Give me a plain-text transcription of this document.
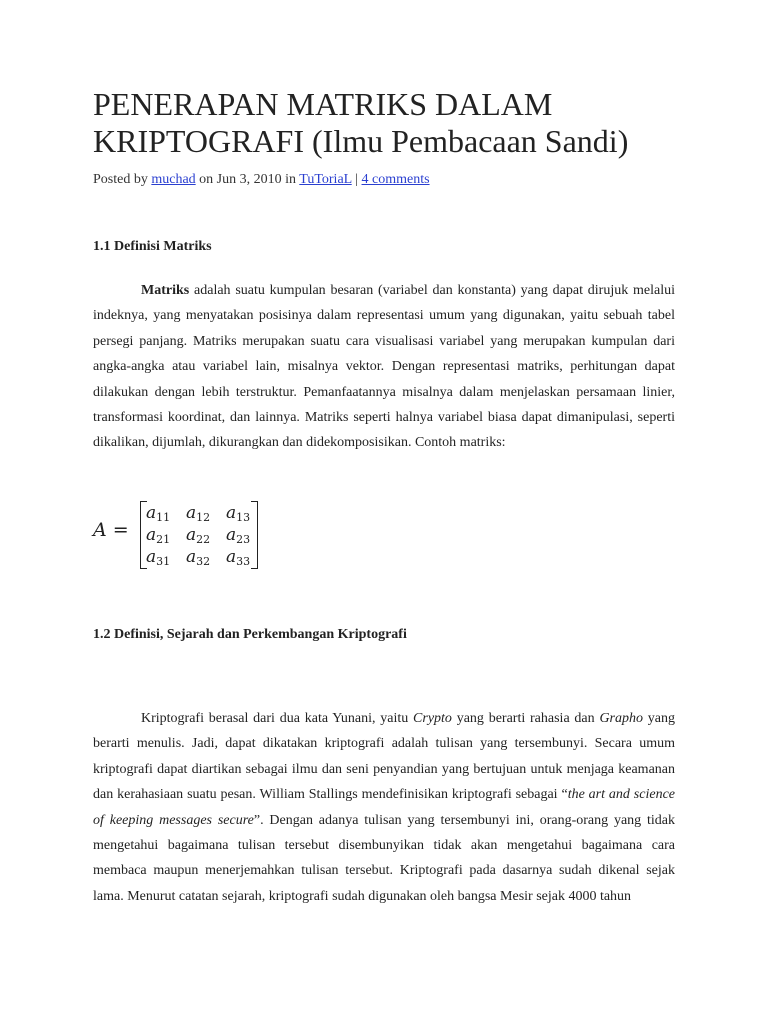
PENERAPAN MATRIKS DALAM
KRIPTOGRAFI (Ilmu Pembacaan Sandi)
Posted by muchad on Jun 3, 2010 in TuToriaL | 4 comments
1.1 Definisi Matriks

Matriks adalah suatu kumpulan besaran (variabel dan konstanta) yang dapat dirujuk melalui indeknya, yang menyatakan posisinya dalam representasi umum yang digunakan, yaitu sebuah tabel persegi panjang. Matriks merupakan suatu cara visualisasi variabel yang merupakan kumpulan dari angka-angka atau variabel lain, misalnya vektor. Dengan representasi matriks, perhitungan dapat dilakukan dengan lebih terstruktur. Pemanfaatannya misalnya dalam menjelaskan persamaan linier, transformasi koordinat, dan lainnya. Matriks seperti halnya variabel biasa dapat dimanipulasi, seperti dikalikan, dijumlah, dikurangkan dan didekomposisikan. Contoh matriks:

A =
$a_{11}$ $a_{12}$ $a_{13}$
$a_{21}$ $a_{22}$ $a_{23}$
$a_{31}$ $a_{32}$ $a_{33}$
1.2 Definisi, Sejarah dan Perkembangan Kriptografi

Kriptografi berasal dari dua kata Yunani, yaitu Crypto yang berarti rahasia dan Grapho yang berarti menulis. Jadi, dapat dikatakan kriptografi adalah tulisan yang tersembunyi. Secara umum kriptografi dapat diartikan sebagai ilmu dan seni penyandian yang bertujuan untuk menjaga keamanan dan kerahasiaan suatu pesan. William Stallings mendefinisikan kriptografi sebagai “the art and science of keeping messages secure”. Dengan adanya tulisan yang tersembunyi ini, orang-orang yang tidak mengetahui bagaimana tulisan tersebut disembunyikan tidak akan mengetahui bagaimana cara membaca maupun menerjemahkan tulisan tersebut. Kriptografi pada dasarnya sudah dikenal sejak lama. Menurut catatan sejarah, kriptografi sudah digunakan oleh bangsa Mesir sejak 4000 tahun
